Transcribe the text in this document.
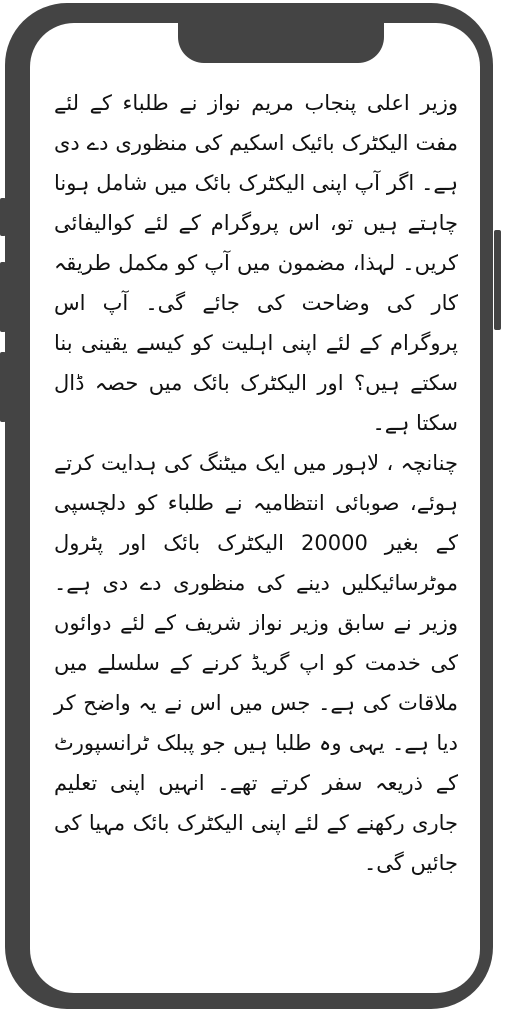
وزیر اعلی پنجاب مریم نواز نے طلباء کے لئے مفت الیکٹرک بائیک اسکیم کی منظوری دے دی ہے۔ اگر آپ اپنی الیکٹرک بائک میں شامل ہونا چاہتے ہیں تو، اس پروگرام کے لئے کوالیفائی کریں۔ لہذا، مضمون میں آپ کو مکمل طریقہ کار کی وضاحت کی جائے گی۔ آپ اس پروگرام کے لئے اپنی اہلیت کو کیسے یقینی بنا سکتے ہیں؟ اور الیکٹرک بائک میں حصہ ڈال سکتا ہے۔

چنانچہ ، لاہور میں ایک میٹنگ کی ہدایت کرتے ہوئے، صوبائی انتظامیہ نے طلباء کو دلچسپی کے بغیر 20000 الیکٹرک بائک اور پٹرول موٹرسائیکلیں دینے کی منظوری دے دی ہے۔ وزیر نے سابق وزیر نواز شریف کے لئے دوائوں کی خدمت کو اپ گریڈ کرنے کے سلسلے میں ملاقات کی ہے۔ جس میں اس نے یہ واضح کر دیا ہے۔ یہی وہ طلبا ہیں جو پبلک ٹرانسپورٹ کے ذریعہ سفر کرتے تھے۔ انہیں اپنی تعلیم جاری رکھنے کے لئے اپنی الیکٹرک بائک مہیا کی جائیں گی۔
